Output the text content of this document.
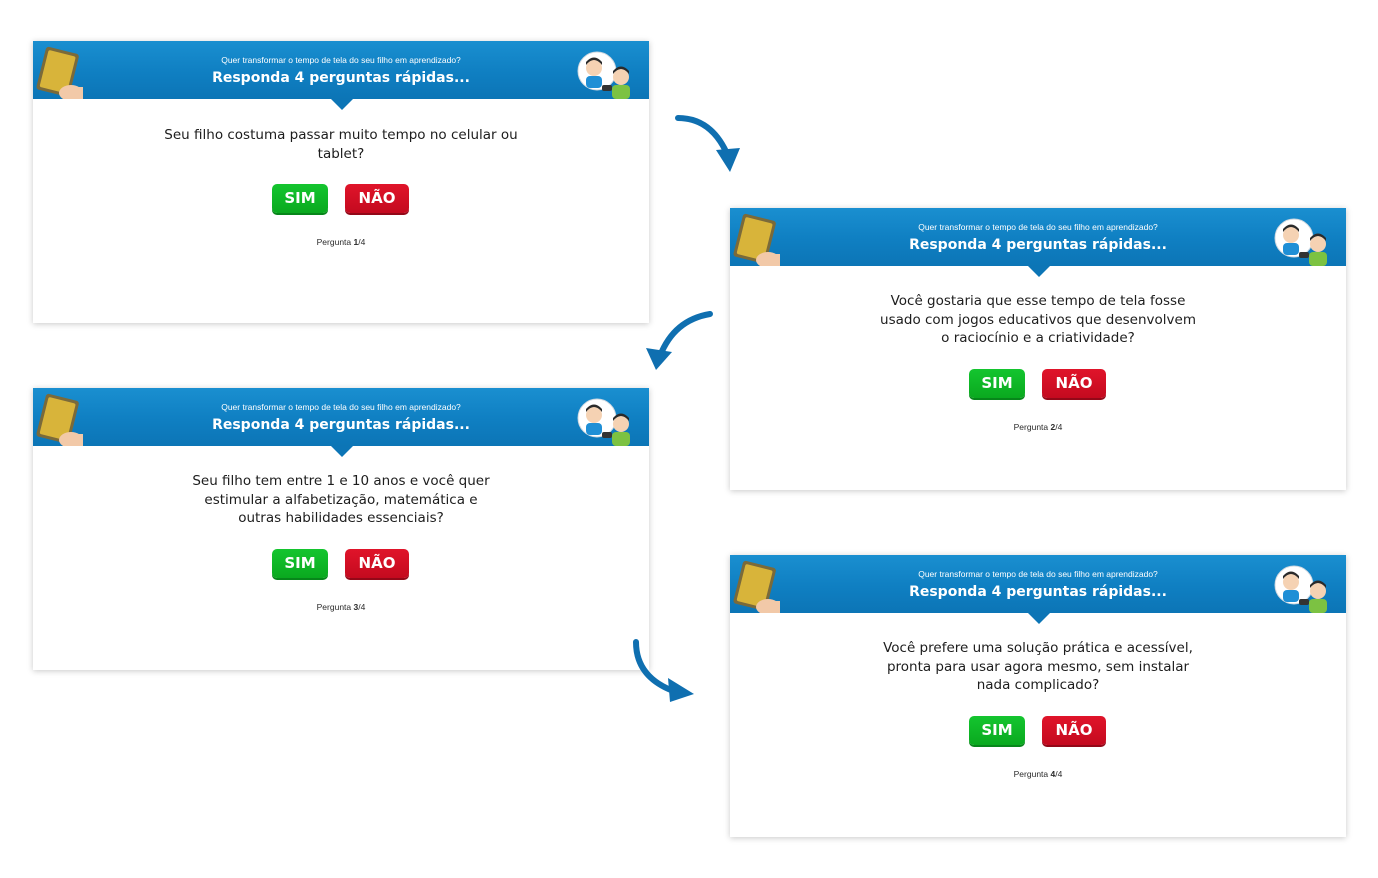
Quer transformar o tempo de tela do seu filho em aprendizado?
Responda 4 perguntas rápidas...
Seu filho costuma passar muito tempo no celular ou tablet?
SIM	NÃO
Pergunta 1/4
Quer transformar o tempo de tela do seu filho em aprendizado?
Responda 4 perguntas rápidas...
Você gostaria que esse tempo de tela fosse usado com jogos educativos que desenvolvem o raciocínio e a criatividade?
SIM	NÃO
Pergunta 2/4
Quer transformar o tempo de tela do seu filho em aprendizado?
Responda 4 perguntas rápidas...
Seu filho tem entre 1 e 10 anos e você quer estimular a alfabetização, matemática e outras habilidades essenciais?
SIM	NÃO
Pergunta 3/4
Quer transformar o tempo de tela do seu filho em aprendizado?
Responda 4 perguntas rápidas...
Você prefere uma solução prática e acessível, pronta para usar agora mesmo, sem instalar nada complicado?
SIM	NÃO
Pergunta 4/4
